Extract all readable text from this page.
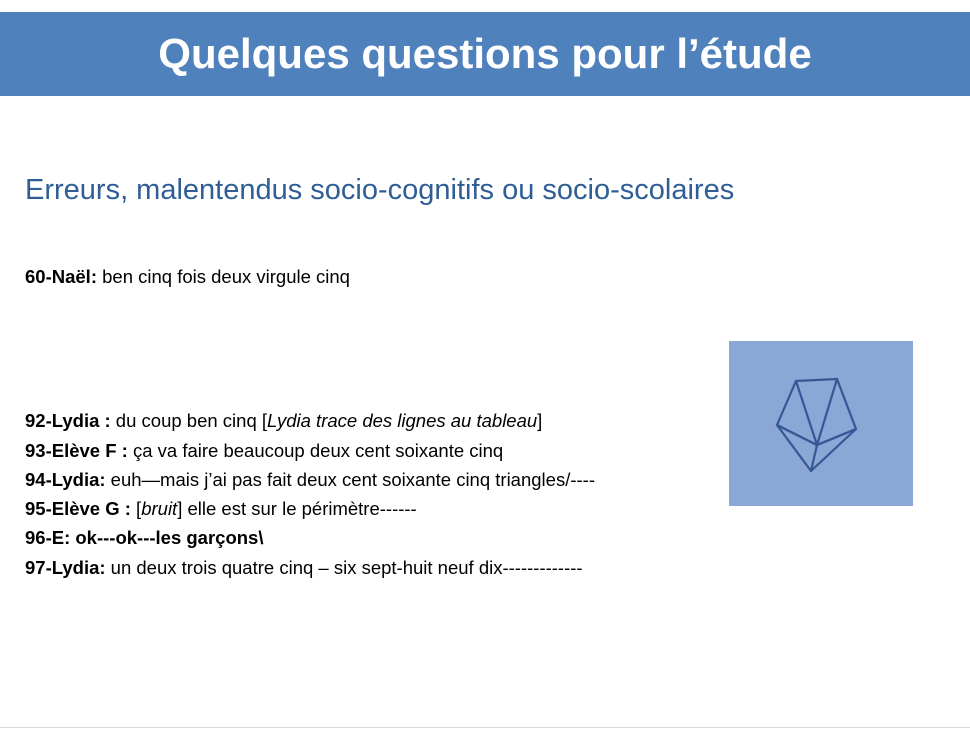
Quelques questions pour l’étude
Erreurs, malentendus socio-cognitifs ou socio-scolaires
60-Naël: ben cinq fois deux virgule cinq
92-Lydia : du coup ben cinq [Lydia trace des lignes au tableau]
93-Elève F : ça va faire beaucoup deux cent soixante cinq
94-Lydia: euh—mais j’ai pas fait deux cent soixante cinq triangles/----
95-Elève G : [bruit] elle est sur le périmètre------
96-E: ok---ok---les garçons\
97-Lydia: un deux trois quatre cinq – six sept-huit neuf dix-------------
